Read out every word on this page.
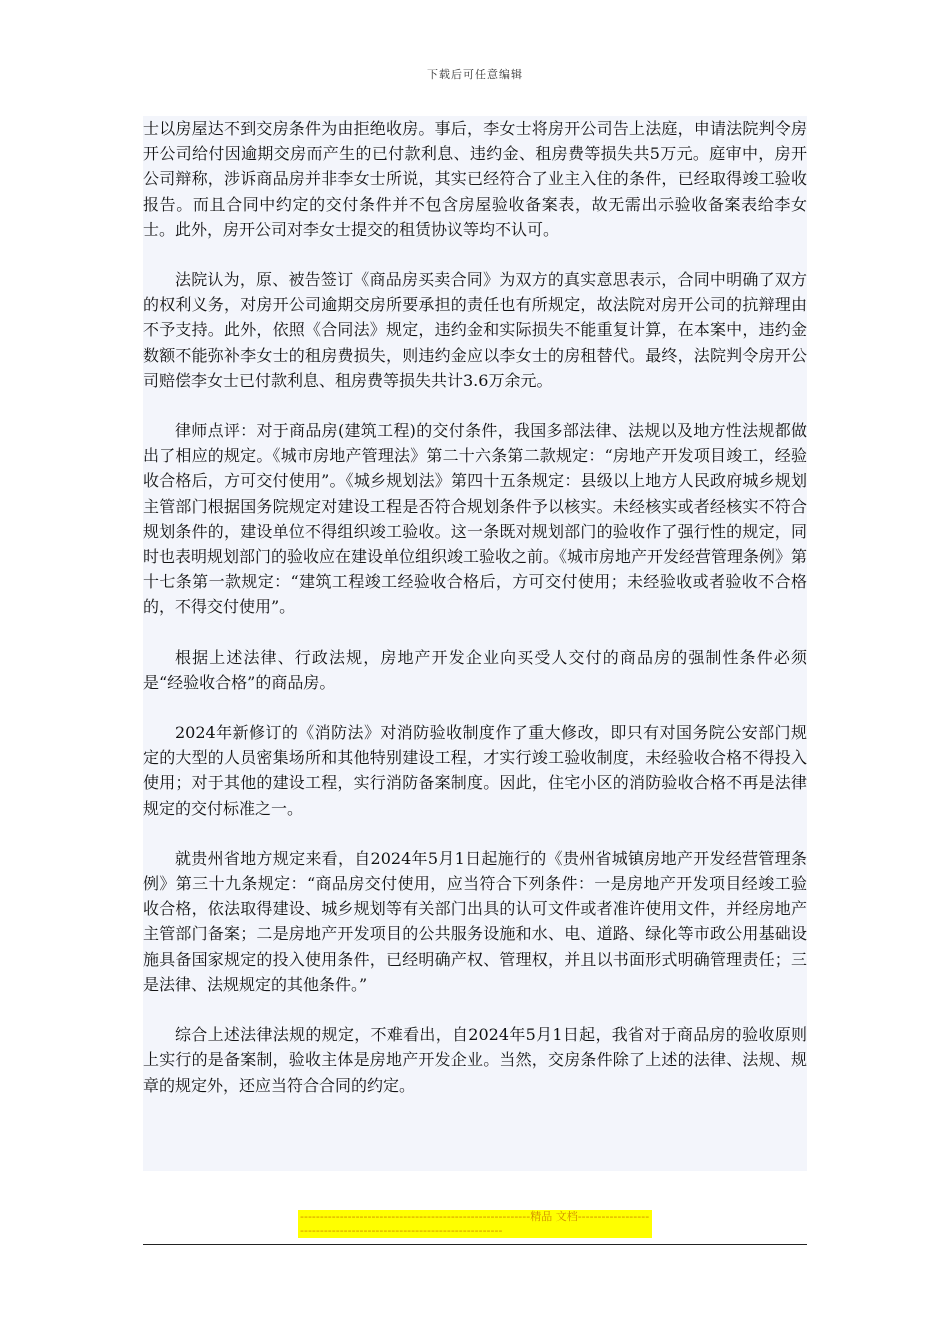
下载后可任意编辑

士以房屋达不到交房条件为由拒绝收房。事后，李女士将房开公司告上法庭，申请法院判令房开公司给付因逾期交房而产生的已付款利息、违约金、租房费等损失共5万元。庭审中，房开公司辩称，涉诉商品房并非李女士所说，其实已经符合了业主入住的条件，已经取得竣工验收报告。而且合同中约定的交付条件并不包含房屋验收备案表，故无需出示验收备案表给李女士。此外，房开公司对李女士提交的租赁协议等均不认可。

法院认为，原、被告签订《商品房买卖合同》为双方的真实意思表示，合同中明确了双方的权利义务，对房开公司逾期交房所要承担的责任也有所规定，故法院对房开公司的抗辩理由不予支持。此外，依照《合同法》规定，违约金和实际损失不能重复计算，在本案中，违约金数额不能弥补李女士的租房费损失，则违约金应以李女士的房租替代。最终，法院判令房开公司赔偿李女士已付款利息、租房费等损失共计3.6万余元。

律师点评：对于商品房(建筑工程)的交付条件，我国多部法律、法规以及地方性法规都做出了相应的规定。《城市房地产管理法》第二十六条第二款规定：“房地产开发项目竣工，经验收合格后，方可交付使用”。《城乡规划法》第四十五条规定：县级以上地方人民政府城乡规划主管部门根据国务院规定对建设工程是否符合规划条件予以核实。未经核实或者经核实不符合规划条件的，建设单位不得组织竣工验收。这一条既对规划部门的验收作了强行性的规定，同时也表明规划部门的验收应在建设单位组织竣工验收之前。《城市房地产开发经营管理条例》第十七条第一款规定：“建筑工程竣工经验收合格后，方可交付使用；未经验收或者验收不合格的，不得交付使用”。

根据上述法律、行政法规，房地产开发企业向买受人交付的商品房的强制性条件必须是“经验收合格”的商品房。

2024年新修订的《消防法》对消防验收制度作了重大修改，即只有对国务院公安部门规定的大型的人员密集场所和其他特别建设工程，才实行竣工验收制度，未经验收合格不得投入使用；对于其他的建设工程，实行消防备案制度。因此，住宅小区的消防验收合格不再是法律规定的交付标准之一。

就贵州省地方规定来看，自2024年5月1日起施行的《贵州省城镇房地产开发经营管理条例》第三十九条规定：“商品房交付使用，应当符合下列条件：一是房地产开发项目经竣工验收合格，依法取得建设、城乡规划等有关部门出具的认可文件或者准许使用文件，并经房地产主管部门备案；二是房地产开发项目的公共服务设施和水、电、道路、绿化等市政公用基础设施具备国家规定的投入使用条件，已经明确产权、管理权，并且以书面形式明确管理责任；三是法律、法规规定的其他条件。”

综合上述法律法规的规定，不难看出，自2024年5月1日起，我省对于商品房的验收原则上实行的是备案制，验收主体是房地产开发企业。当然，交房条件除了上述的法律、法规、规章的规定外，还应当符合合同的约定。

----------------------------------------------------------精品 文档---------------------------------------------------------------------
